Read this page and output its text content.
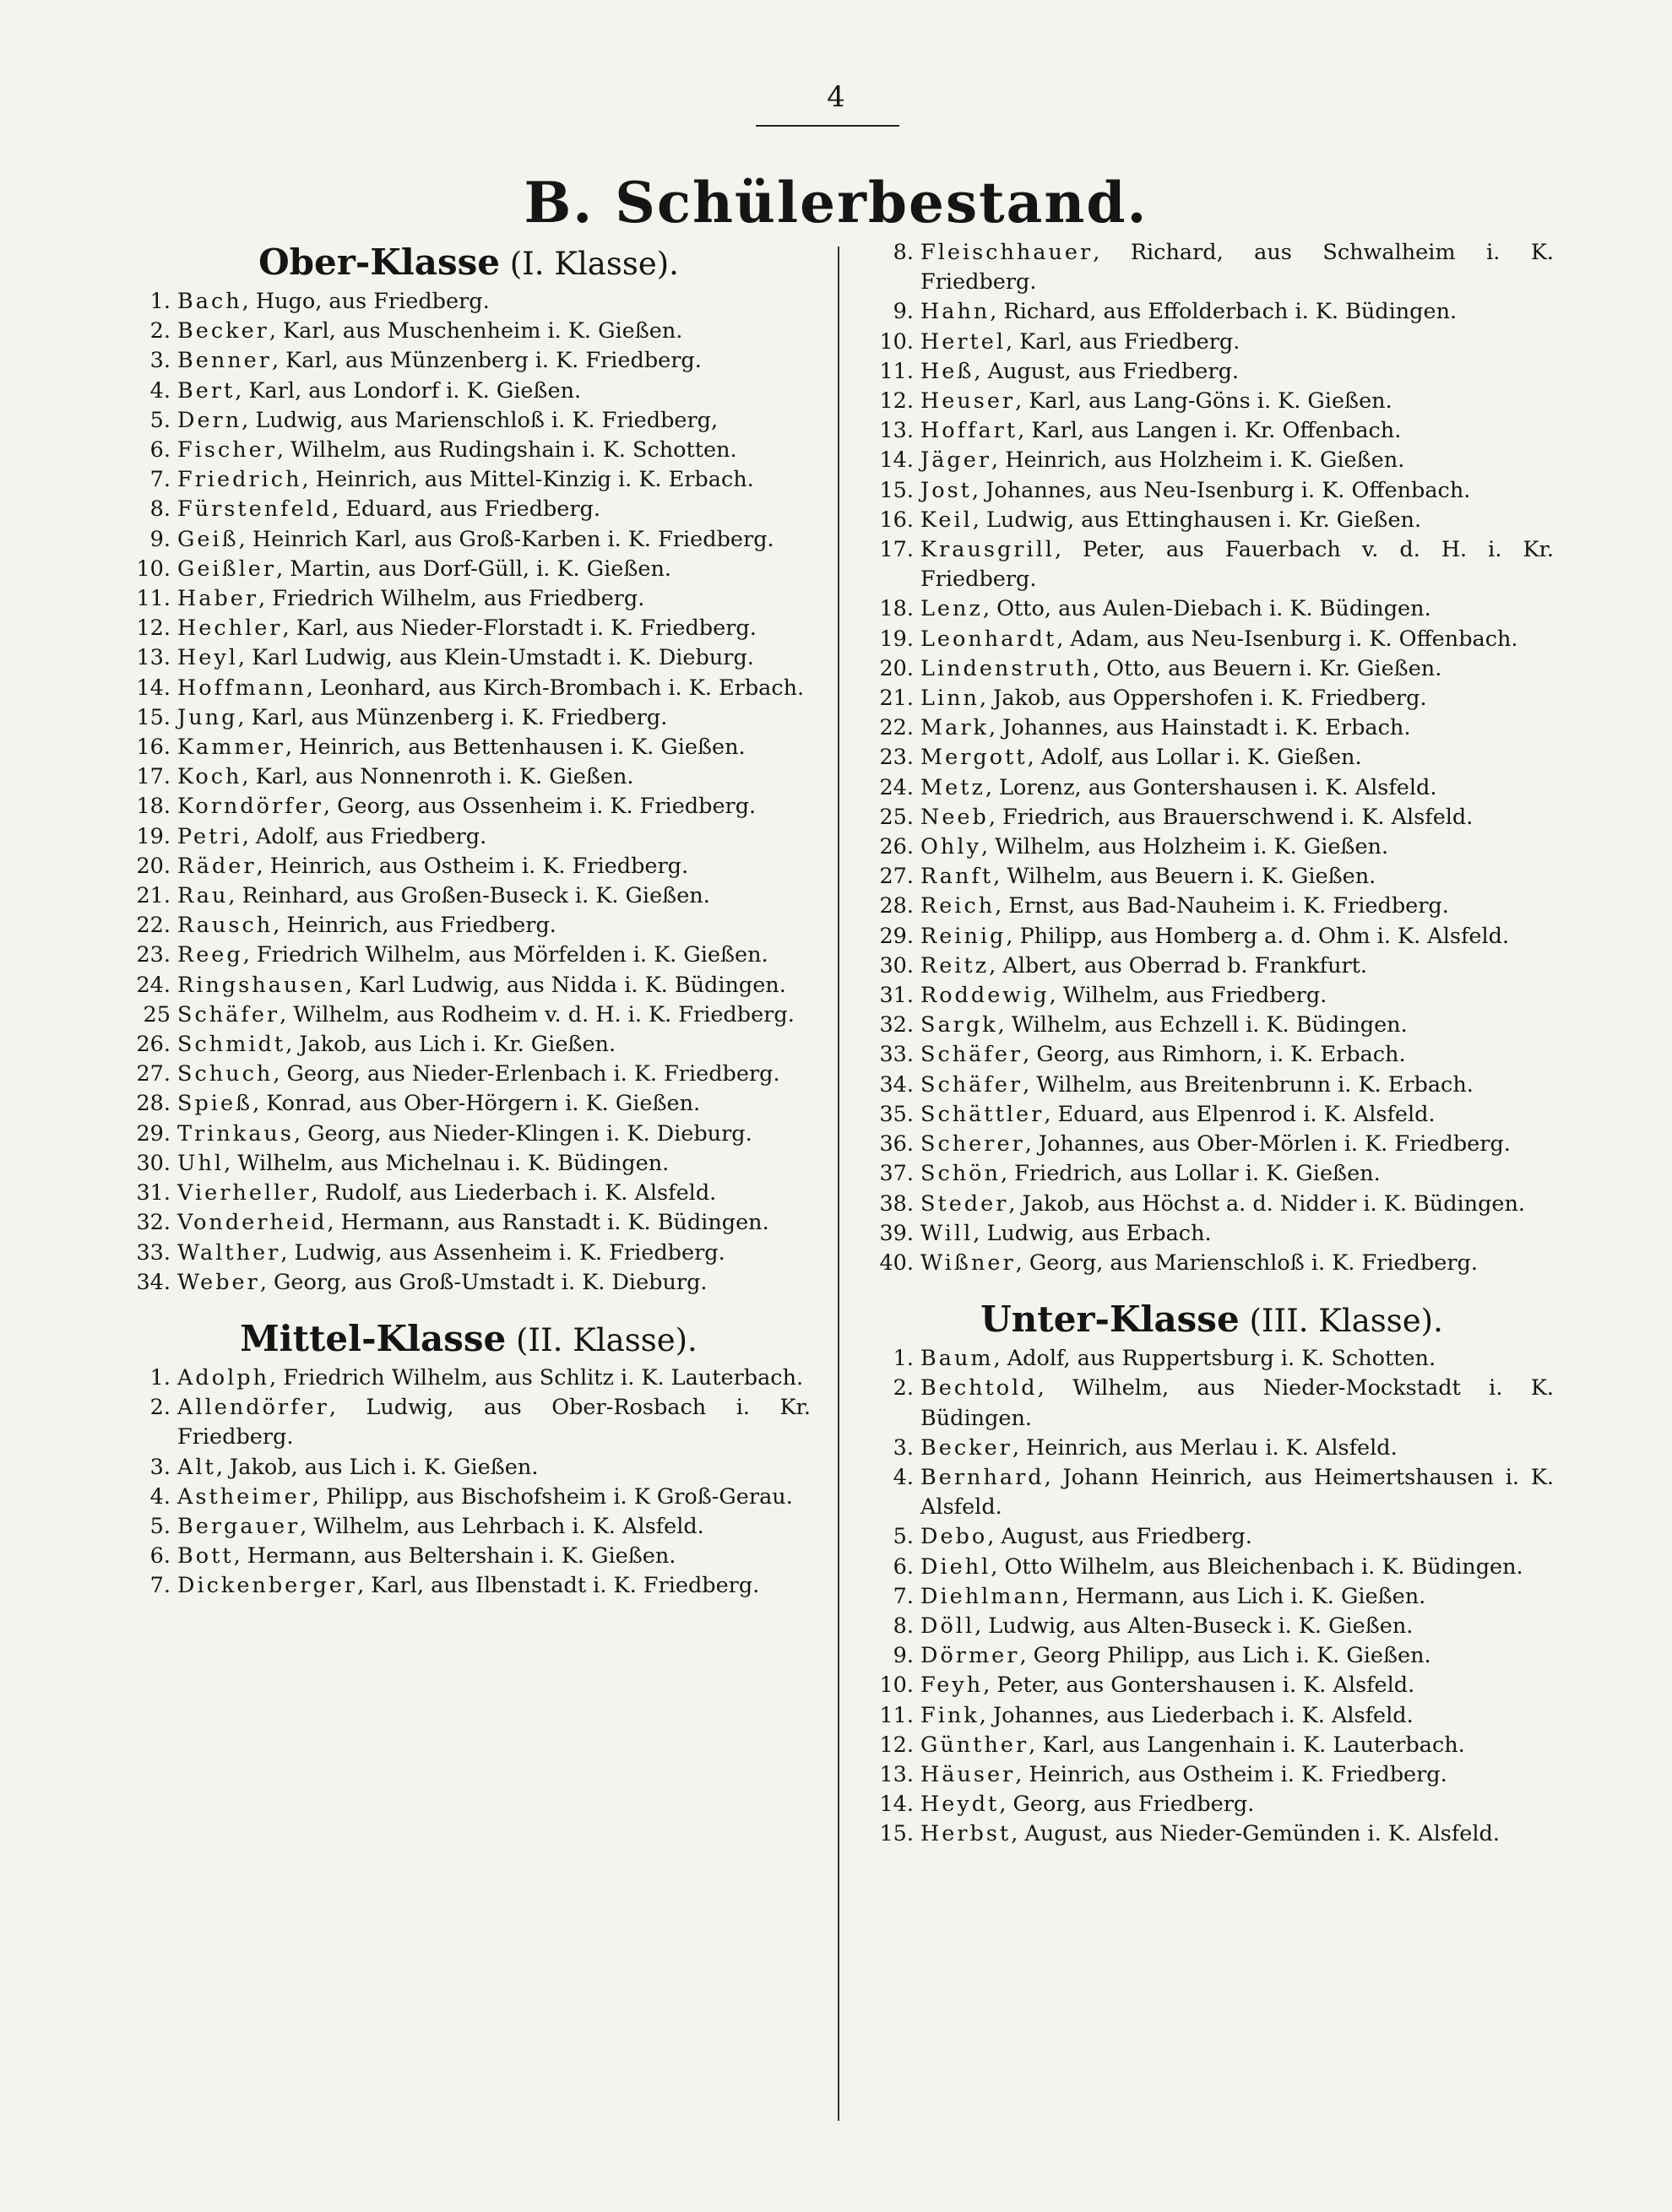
4
B. Schülerbestand.
Ober-Klasse (I. Klasse).
1. Bach, Hugo, aus Friedberg.
2. Becker, Karl, aus Muschenheim i. K. Gießen.
3. Benner, Karl, aus Münzenberg i. K. Friedberg.
4. Bert, Karl, aus Londorf i. K. Gießen.
5. Dern, Ludwig, aus Marienschloß i. K. Friedberg,
6. Fischer, Wilhelm, aus Rudingshain i. K. Schotten.
7. Friedrich, Heinrich, aus Mittel-Kinzig i. K. Erbach.
8. Fürstenfeld, Eduard, aus Friedberg.
9. Geiß, Heinrich Karl, aus Groß-Karben i. K. Friedberg.
10. Geißler, Martin, aus Dorf-Güll, i. K. Gießen.
11. Haber, Friedrich Wilhelm, aus Friedberg.
12. Hechler, Karl, aus Nieder-Florstadt i. K. Friedberg.
13. Heyl, Karl Ludwig, aus Klein-Umstadt i. K. Dieburg.
14. Hoffmann, Leonhard, aus Kirch-Brombach i. K. Erbach.
15. Jung, Karl, aus Münzenberg i. K. Friedberg.
16. Kammer, Heinrich, aus Bettenhausen i. K. Gießen.
17. Koch, Karl, aus Nonnenroth i. K. Gießen.
18. Korndörfer, Georg, aus Ossenheim i. K. Friedberg.
19. Petri, Adolf, aus Friedberg.
20. Räder, Heinrich, aus Ostheim i. K. Friedberg.
21. Rau, Reinhard, aus Großen-Buseck i. K. Gießen.
22. Rausch, Heinrich, aus Friedberg.
23. Reeg, Friedrich Wilhelm, aus Mörfelden i. K. Gießen.
24. Ringshausen, Karl Ludwig, aus Nidda i. K. Büdingen.
25 Schäfer, Wilhelm, aus Rodheim v. d. H. i. K. Friedberg.
26. Schmidt, Jakob, aus Lich i. Kr. Gießen.
27. Schuch, Georg, aus Nieder-Erlenbach i. K. Friedberg.
28. Spieß, Konrad, aus Ober-Hörgern i. K. Gießen.
29. Trinkaus, Georg, aus Nieder-Klingen i. K. Dieburg.
30. Uhl, Wilhelm, aus Michelnau i. K. Büdingen.
31. Vierheller, Rudolf, aus Liederbach i. K. Alsfeld.
32. Vonderheid, Hermann, aus Ranstadt i. K. Büdingen.
33. Walther, Ludwig, aus Assenheim i. K. Friedberg.
34. Weber, Georg, aus Groß-Umstadt i. K. Dieburg.
Mittel-Klasse (II. Klasse).
1. Adolph, Friedrich Wilhelm, aus Schlitz i. K. Lauterbach.
2. Allendörfer, Ludwig, aus Ober-Rosbach i. Kr. Friedberg.
3. Alt, Jakob, aus Lich i. K. Gießen.
4. Astheimer, Philipp, aus Bischofsheim i. K Groß-Gerau.
5. Bergauer, Wilhelm, aus Lehrbach i. K. Alsfeld.
6. Bott, Hermann, aus Beltershain i. K. Gießen.
7. Dickenberger, Karl, aus Ilbenstadt i. K. Friedberg.
8. Fleischhauer, Richard, aus Schwalheim i. K. Friedberg.
9. Hahn, Richard, aus Effolderbach i. K. Büdingen.
10. Hertel, Karl, aus Friedberg.
11. Heß, August, aus Friedberg.
12. Heuser, Karl, aus Lang-Göns i. K. Gießen.
13. Hoffart, Karl, aus Langen i. Kr. Offenbach.
14. Jäger, Heinrich, aus Holzheim i. K. Gießen.
15. Jost, Johannes, aus Neu-Isenburg i. K. Offenbach.
16. Keil, Ludwig, aus Ettinghausen i. Kr. Gießen.
17. Krausgrill, Peter, aus Fauerbach v. d. H. i. Kr. Friedberg.
18. Lenz, Otto, aus Aulen-Diebach i. K. Büdingen.
19. Leonhardt, Adam, aus Neu-Isenburg i. K. Offenbach.
20. Lindenstruth, Otto, aus Beuern i. Kr. Gießen.
21. Linn, Jakob, aus Oppershofen i. K. Friedberg.
22. Mark, Johannes, aus Hainstadt i. K. Erbach.
23. Mergott, Adolf, aus Lollar i. K. Gießen.
24. Metz, Lorenz, aus Gontershausen i. K. Alsfeld.
25. Neeb, Friedrich, aus Brauerschwend i. K. Alsfeld.
26. Ohly, Wilhelm, aus Holzheim i. K. Gießen.
27. Ranft, Wilhelm, aus Beuern i. K. Gießen.
28. Reich, Ernst, aus Bad-Nauheim i. K. Friedberg.
29. Reinig, Philipp, aus Homberg a. d. Ohm i. K. Alsfeld.
30. Reitz, Albert, aus Oberrad b. Frankfurt.
31. Roddewig, Wilhelm, aus Friedberg.
32. Sargk, Wilhelm, aus Echzell i. K. Büdingen.
33. Schäfer, Georg, aus Rimhorn, i. K. Erbach.
34. Schäfer, Wilhelm, aus Breitenbrunn i. K. Erbach.
35. Schättler, Eduard, aus Elpenrod i. K. Alsfeld.
36. Scherer, Johannes, aus Ober-Mörlen i. K. Friedberg.
37. Schön, Friedrich, aus Lollar i. K. Gießen.
38. Steder, Jakob, aus Höchst a. d. Nidder i. K. Büdingen.
39. Will, Ludwig, aus Erbach.
40. Wißner, Georg, aus Marienschloß i. K. Friedberg.
Unter-Klasse (III. Klasse).
1. Baum, Adolf, aus Ruppertsburg i. K. Schotten.
2. Bechtold, Wilhelm, aus Nieder-Mockstadt i. K. Büdingen.
3. Becker, Heinrich, aus Merlau i. K. Alsfeld.
4. Bernhard, Johann Heinrich, aus Heimertshausen i. K. Alsfeld.
5. Debo, August, aus Friedberg.
6. Diehl, Otto Wilhelm, aus Bleichenbach i. K. Büdingen.
7. Diehlmann, Hermann, aus Lich i. K. Gießen.
8. Döll, Ludwig, aus Alten-Buseck i. K. Gießen.
9. Dörmer, Georg Philipp, aus Lich i. K. Gießen.
10. Feyh, Peter, aus Gontershausen i. K. Alsfeld.
11. Fink, Johannes, aus Liederbach i. K. Alsfeld.
12. Günther, Karl, aus Langenhain i. K. Lauterbach.
13. Häuser, Heinrich, aus Ostheim i. K. Friedberg.
14. Heydt, Georg, aus Friedberg.
15. Herbst, August, aus Nieder-Gemünden i. K. Alsfeld.
